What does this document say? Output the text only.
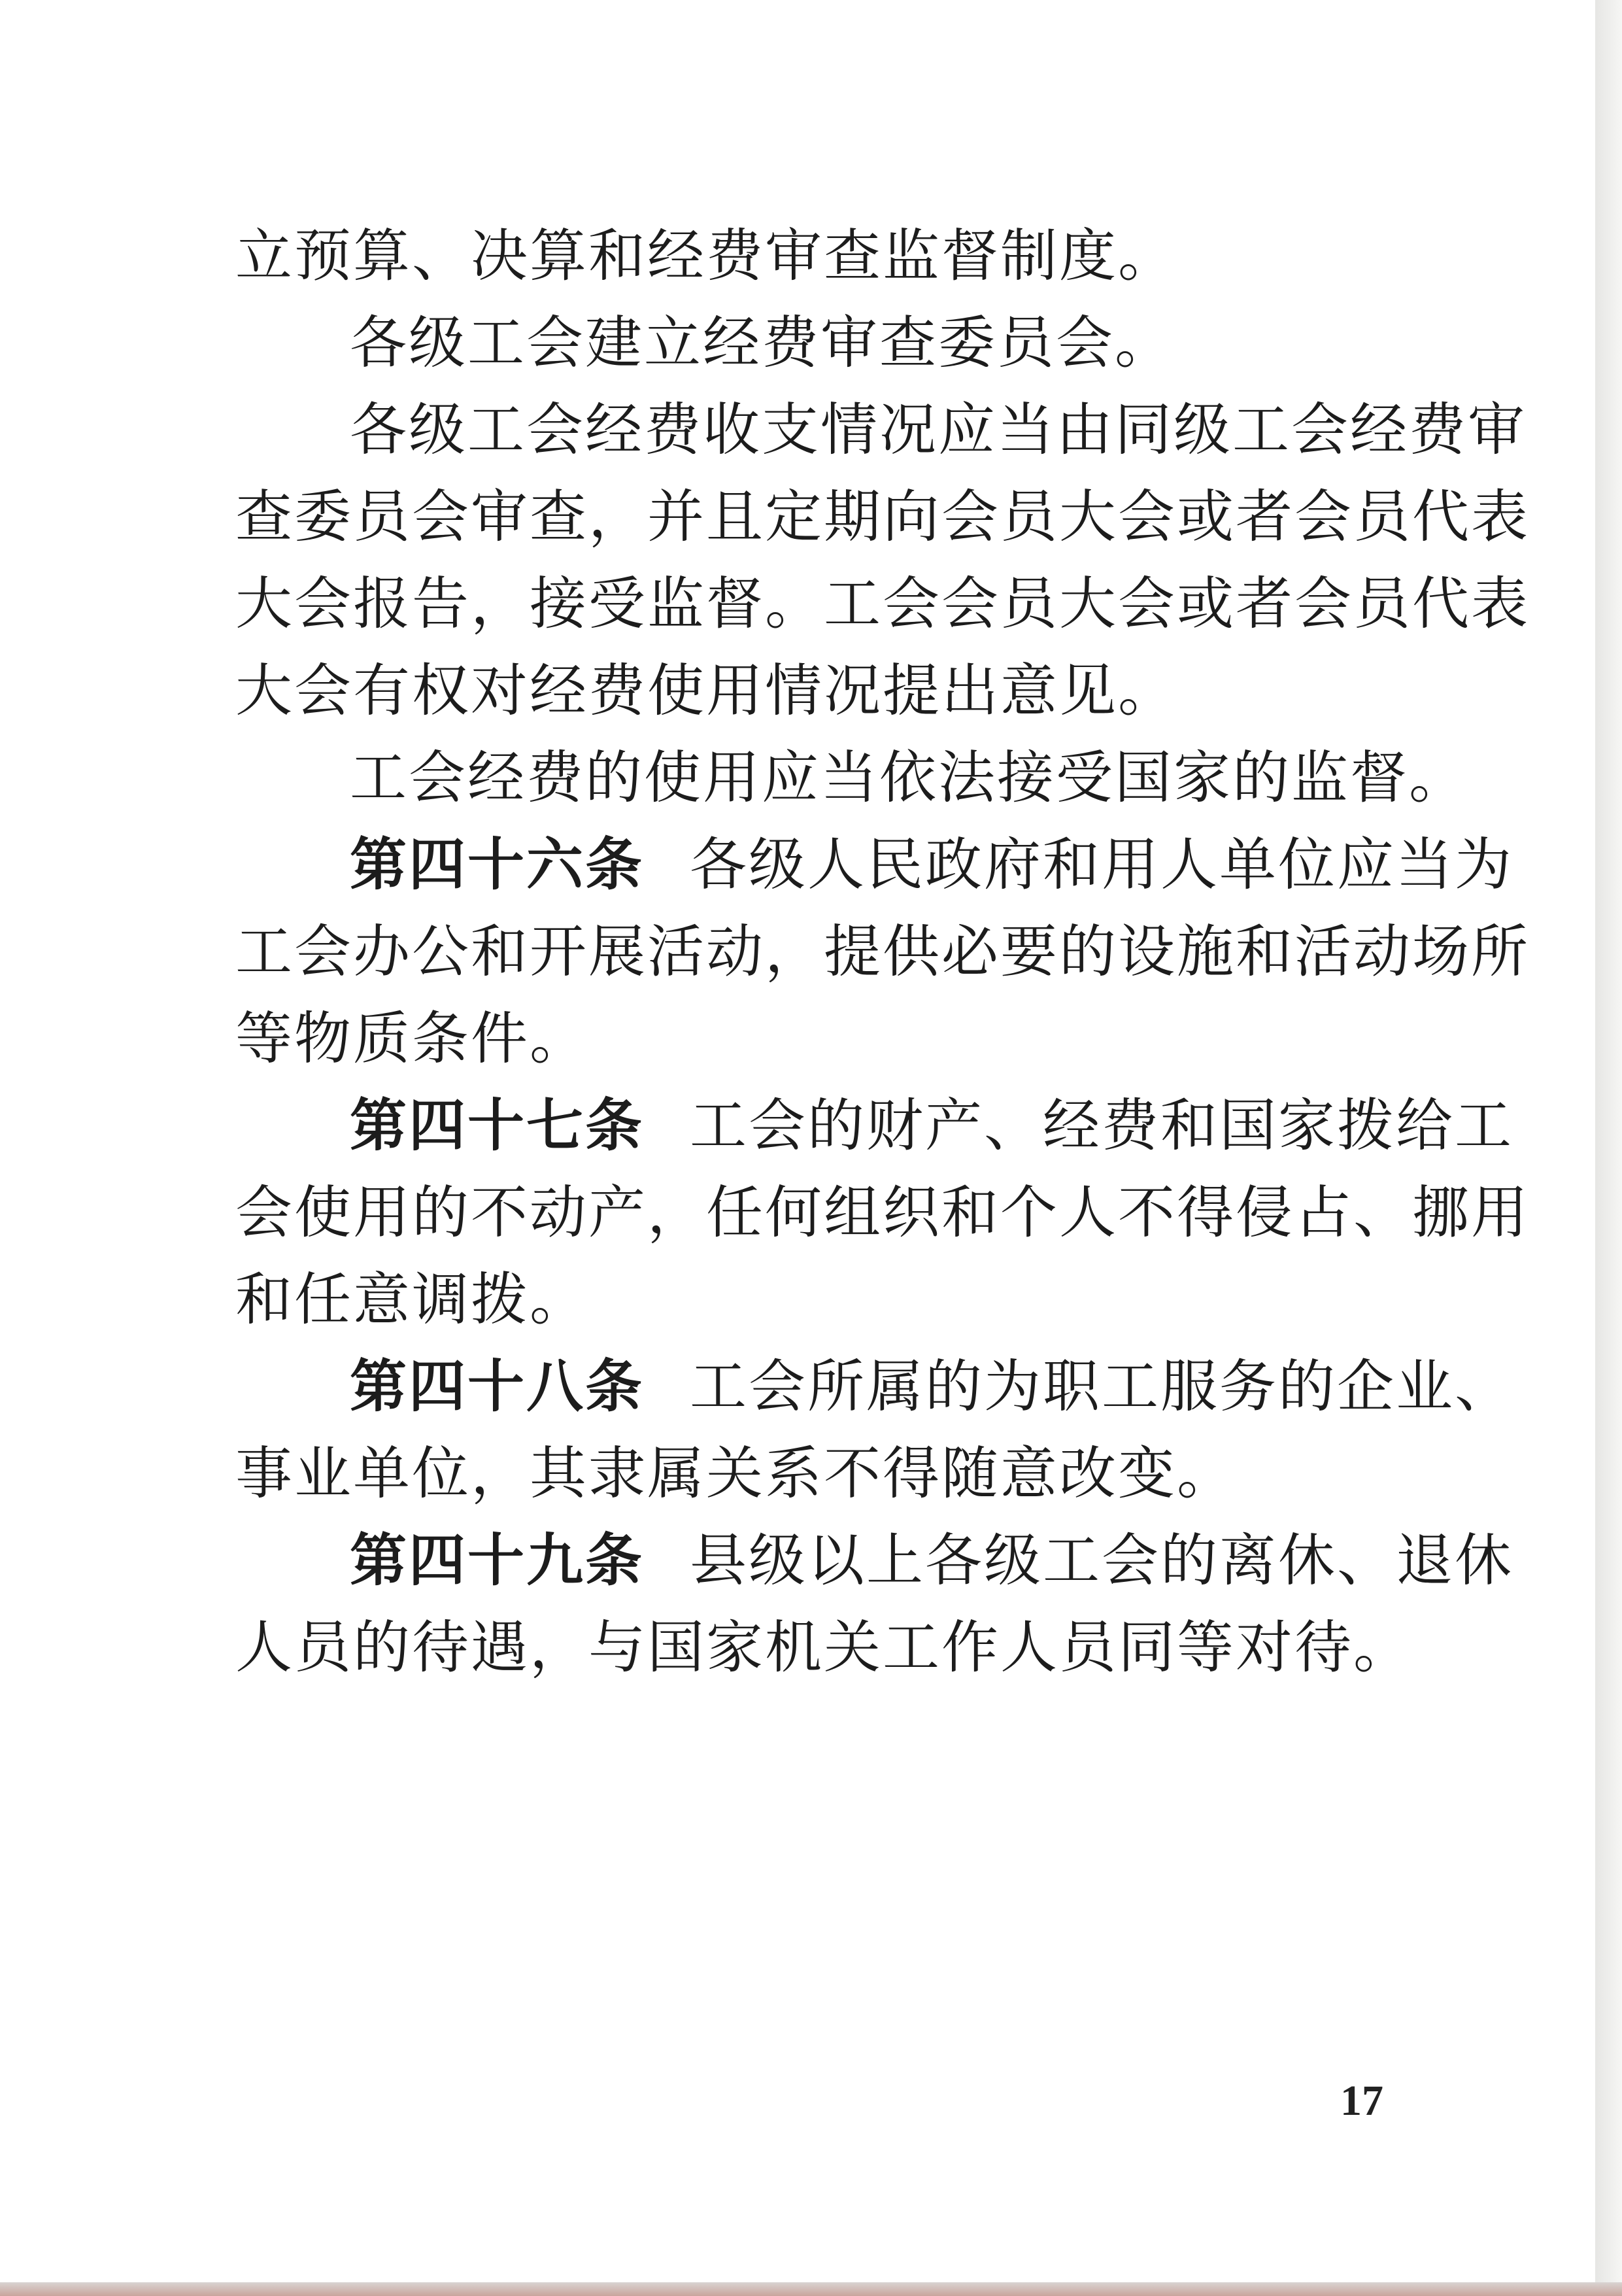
立预算、决算和经费审查监督制度。

各级工会建立经费审查委员会。

各级工会经费收支情况应当由同级工会经费审

查委员会审查，并且定期向会员大会或者会员代表

大会报告，接受监督。工会会员大会或者会员代表

大会有权对经费使用情况提出意见。

工会经费的使用应当依法接受国家的监督。

第四十六条 各级人民政府和用人单位应当为

工会办公和开展活动，提供必要的设施和活动场所

等物质条件。

第四十七条 工会的财产、经费和国家拨给工

会使用的不动产，任何组织和个人不得侵占、挪用

和任意调拨。

第四十八条 工会所属的为职工服务的企业、

事业单位，其隶属关系不得随意改变。

第四十九条 县级以上各级工会的离休、退休

人员的待遇，与国家机关工作人员同等对待。

17
